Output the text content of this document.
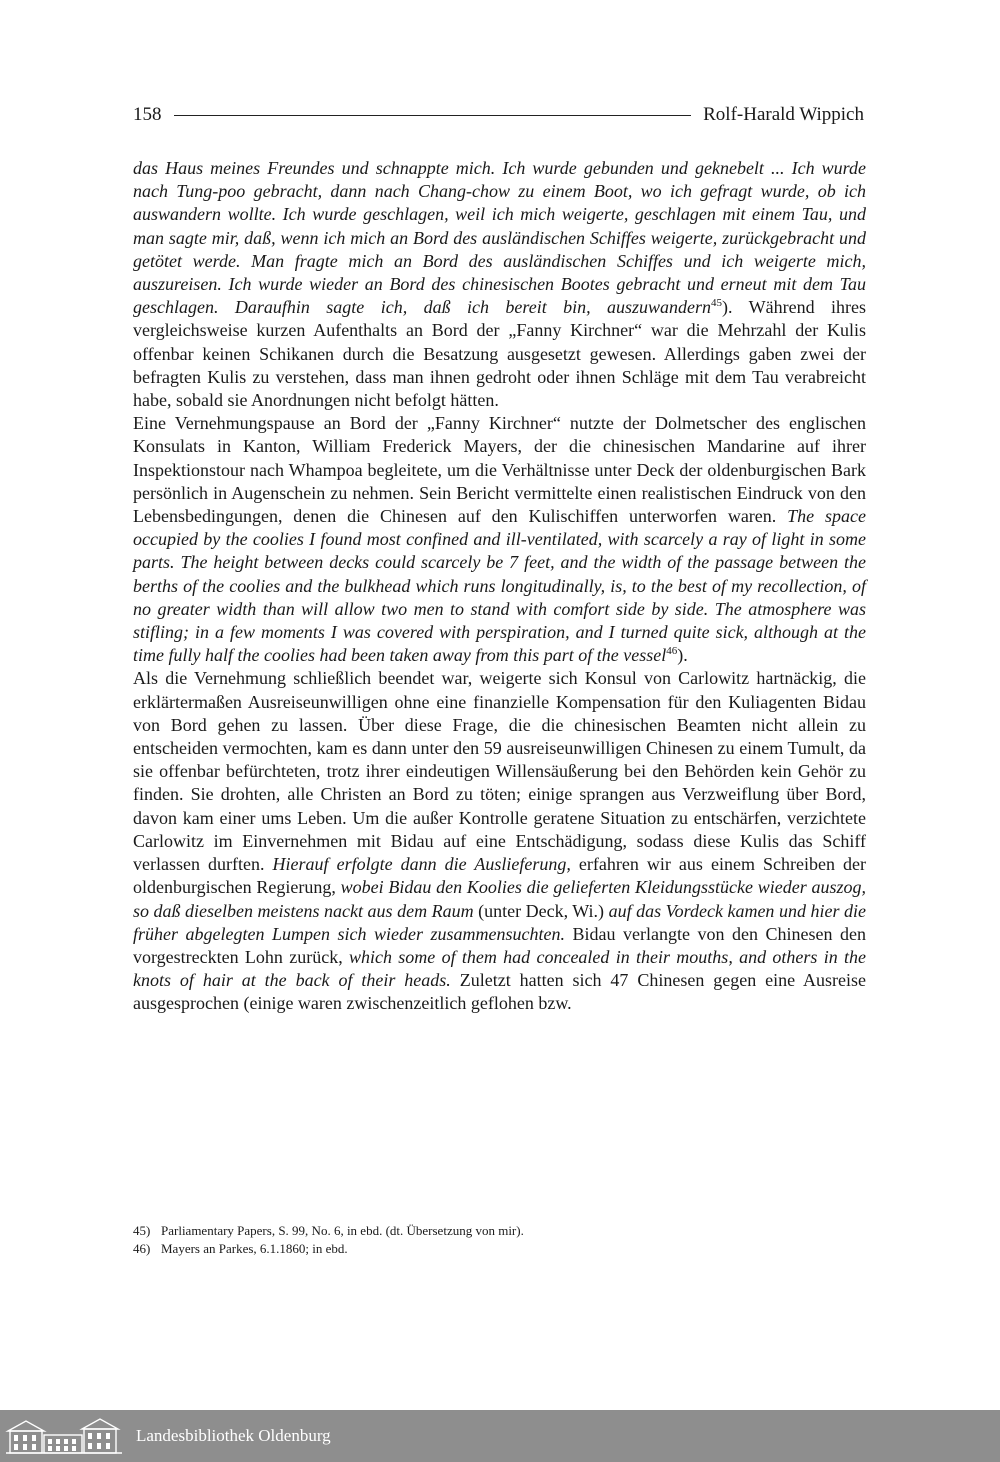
158	Rolf-Harald Wippich

das Haus meines Freundes und schnappte mich. Ich wurde gebunden und geknebelt ... Ich wurde nach Tung-poo gebracht, dann nach Chang-chow zu einem Boot, wo ich gefragt wurde, ob ich auswandern wollte. Ich wurde geschlagen, weil ich mich weigerte, geschlagen mit einem Tau, und man sagte mir, daß, wenn ich mich an Bord des ausländischen Schiffes weigerte, zurückgebracht und getötet werde. Man fragte mich an Bord des ausländischen Schiffes und ich weigerte mich, auszureisen. Ich wurde wieder an Bord des chinesischen Bootes gebracht und erneut mit dem Tau geschlagen. Daraufhin sagte ich, daß ich bereit bin, auszuwandern$^{45}$). Während ihres vergleichsweise kurzen Aufenthalts an Bord der „Fanny Kirchner“ war die Mehrzahl der Kulis offenbar keinen Schikanen durch die Besatzung ausgesetzt gewesen. Allerdings gaben zwei der befragten Kulis zu verstehen, dass man ihnen gedroht oder ihnen Schläge mit dem Tau verabreicht habe, sobald sie Anordnungen nicht befolgt hätten.

Eine Vernehmungspause an Bord der „Fanny Kirchner“ nutzte der Dolmetscher des englischen Konsulats in Kanton, William Frederick Mayers, der die chinesischen Mandarine auf ihrer Inspektionstour nach Whampoa begleitete, um die Verhältnisse unter Deck der oldenburgischen Bark persönlich in Augenschein zu nehmen. Sein Bericht vermittelte einen realistischen Eindruck von den Lebensbedingungen, denen die Chinesen auf den Kulischiffen unterworfen waren. The space occupied by the coolies I found most confined and ill-ventilated, with scarcely a ray of light in some parts. The height between decks could scarcely be 7 feet, and the width of the passage between the berths of the coolies and the bulkhead which runs longitudinally, is, to the best of my recollection, of no greater width than will allow two men to stand with comfort side by side. The atmosphere was stifling; in a few moments I was covered with perspiration, and I turned quite sick, although at the time fully half the coolies had been taken away from this part of the vessel$^{46}$).

Als die Vernehmung schließlich beendet war, weigerte sich Konsul von Carlowitz hartnäckig, die erklärtermaßen Ausreiseunwilligen ohne eine finanzielle Kompensation für den Kuliagenten Bidau von Bord gehen zu lassen. Über diese Frage, die die chinesischen Beamten nicht allein zu entscheiden vermochten, kam es dann unter den 59 ausreiseunwilligen Chinesen zu einem Tumult, da sie offenbar befürchteten, trotz ihrer eindeutigen Willensäußerung bei den Behörden kein Gehör zu finden. Sie drohten, alle Christen an Bord zu töten; einige sprangen aus Verzweiflung über Bord, davon kam einer ums Leben. Um die außer Kontrolle geratene Situation zu entschärfen, verzichtete Carlowitz im Einvernehmen mit Bidau auf eine Entschädigung, sodass diese Kulis das Schiff verlassen durften. Hierauf erfolgte dann die Auslieferung, erfahren wir aus einem Schreiben der oldenburgischen Regierung, wobei Bidau den Koolies die gelieferten Kleidungsstücke wieder auszog, so daß dieselben meistens nackt aus dem Raum (unter Deck, Wi.) auf das Vordeck kamen und hier die früher abgelegten Lumpen sich wieder zusammensuchten. Bidau verlangte von den Chinesen den vorgestreckten Lohn zurück, which some of them had concealed in their mouths, and others in the knots of hair at the back of their heads. Zuletzt hatten sich 47 Chinesen gegen eine Ausreise ausgesprochen (einige waren zwischenzeitlich geflohen bzw.

45) Parliamentary Papers, S. 99, No. 6, in ebd. (dt. Übersetzung von mir).

46) Mayers an Parkes, 6.1.1860; in ebd.

Landesbibliothek Oldenburg
